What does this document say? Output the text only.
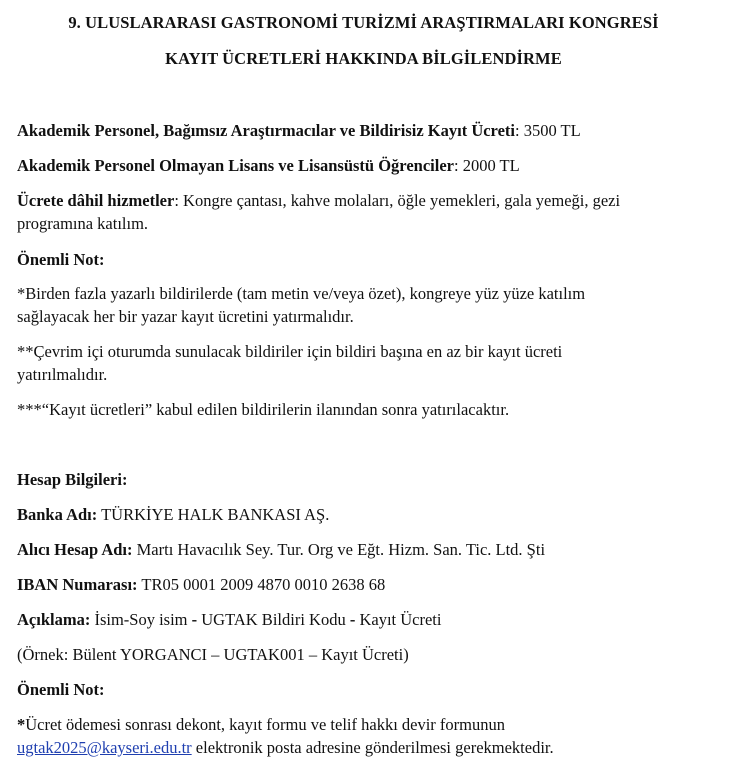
9. ULUSLARARASI GASTRONOMİ TURİZMİ ARAŞTIRMALARI KONGRESİ
KAYIT ÜCRETLERİ HAKKINDA BİLGİLENDİRME
Akademik Personel, Bağımsız Araştırmacılar ve Bildirisiz Kayıt Ücreti: 3500 TL
Akademik Personel Olmayan Lisans ve Lisansüstü Öğrenciler: 2000 TL
Ücrete dâhil hizmetler: Kongre çantası, kahve molaları, öğle yemekleri, gala yemeği, gezi
programına katılım.
Önemli Not:
*Birden fazla yazarlı bildirilerde (tam metin ve/veya özet), kongreye yüz yüze katılım
sağlayacak her bir yazar kayıt ücretini yatırmalıdır.
**Çevrim içi oturumda sunulacak bildiriler için bildiri başına en az bir kayıt ücreti
yatırılmalıdır.
***“Kayıt ücretleri” kabul edilen bildirilerin ilanından sonra yatırılacaktır.
Hesap Bilgileri:
Banka Adı: TÜRKİYE HALK BANKASI AŞ.
Alıcı Hesap Adı: Martı Havacılık Sey. Tur. Org ve Eğt. Hizm. San. Tic. Ltd. Şti
IBAN Numarası: TR05 0001 2009 4870 0010 2638 68
Açıklama: İsim-Soy isim - UGTAK Bildiri Kodu - Kayıt Ücreti
(Örnek: Bülent YORGANCI – UGTAK001 – Kayıt Ücreti)
Önemli Not:
*Ücret ödemesi sonrası dekont, kayıt formu ve telif hakkı devir formunun
ugtak2025@kayseri.edu.tr elektronik posta adresine gönderilmesi gerekmektedir.
